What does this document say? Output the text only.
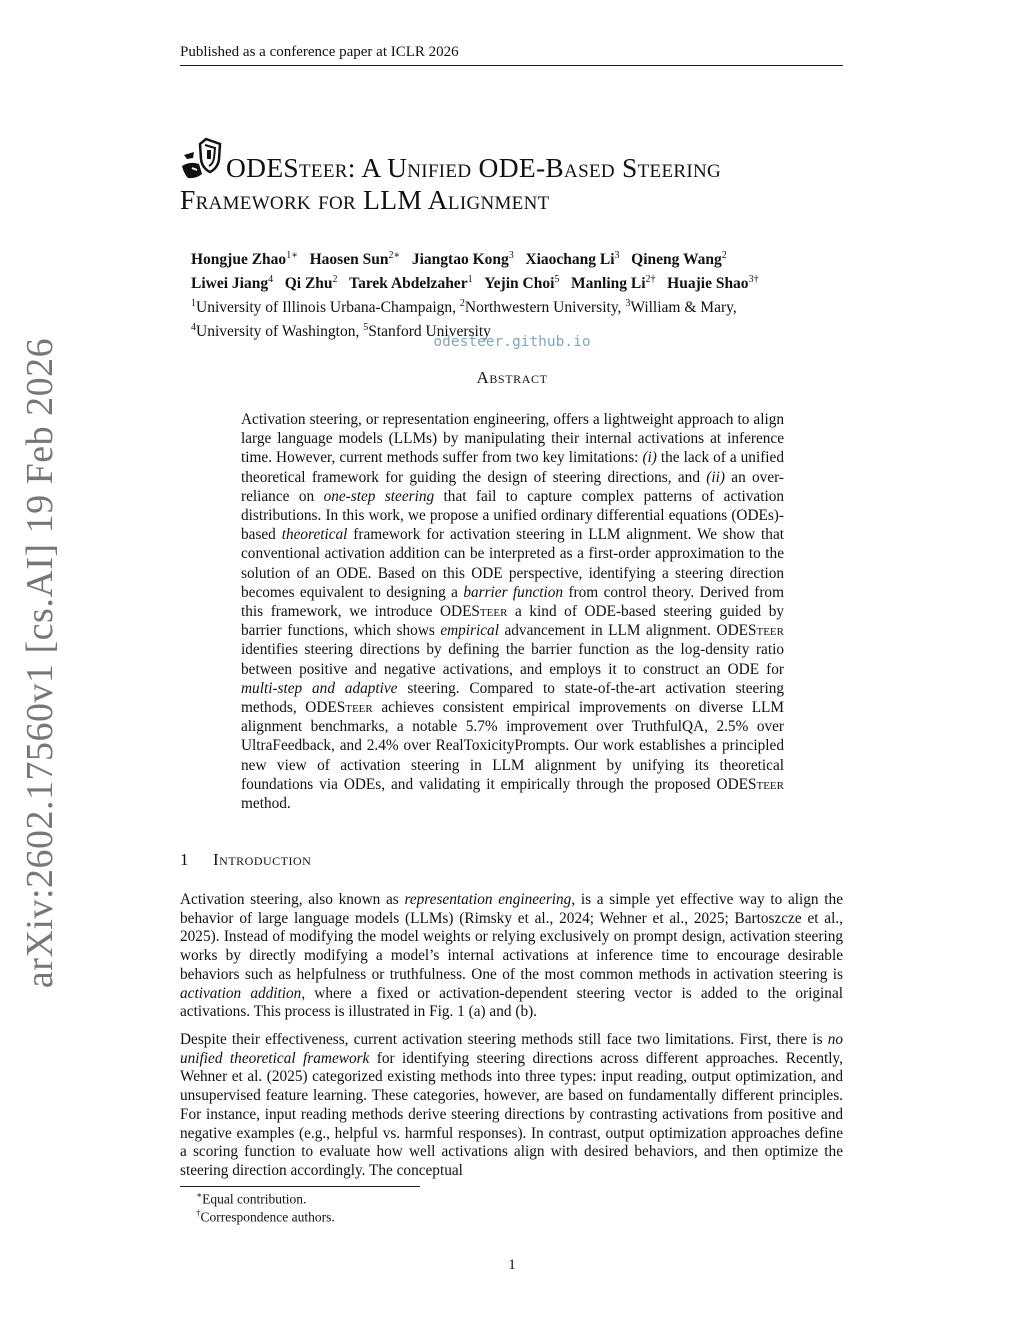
Published as a conference paper at ICLR 2026
arXiv:2602.17560v1 [cs.AI] 19 Feb 2026
ODESteer: A Unified ODE-Based Steering
Framework for LLM Alignment
Hongjue Zhao$^{1∗}$ Haosen Sun$^{2∗}$ Jiangtao Kong$^3$ Xiaochang Li$^3$ Qineng Wang$^2$
Liwei Jiang$^4$ Qi Zhu$^2$ Tarek Abdelzaher$^1$ Yejin Choi$^5$ Manling $Li^{2\dagger}$ Huajie Shao$^{3\dagger}$
$^1$University of Illinois Urbana-Champaign, $^2$Northwestern University, $^3$William & Mary,
$^4$University of Washington, $^5$Stanford University
odesteer.github.io
Abstract
Activation steering, or representation engineering, offers a lightweight approach to align large language models (LLMs) by manipulating their internal activations at inference time. However, current methods suffer from two key limitations: (i) the lack of a unified theoretical framework for guiding the design of steering directions, and (ii) an over-reliance on one-step steering that fail to capture complex patterns of activation distributions. In this work, we propose a unified ordinary differential equations (ODEs)-based theoretical framework for activation steering in LLM alignment. We show that conventional activation addition can be interpreted as a first-order approximation to the solution of an ODE. Based on this ODE perspective, identifying a steering direction becomes equivalent to designing a barrier function from control theory. Derived from this framework, we introduce ODESteer a kind of ODE-based steering guided by barrier functions, which shows empirical advancement in LLM alignment. ODESteer identifies steering directions by defining the barrier function as the log-density ratio between positive and negative activations, and employs it to construct an ODE for multi-step and adaptive steering. Compared to state-of-the-art activation steering methods, ODESteer achieves consistent empirical improvements on diverse LLM alignment benchmarks, a notable 5.7% improvement over TruthfulQA, 2.5% over UltraFeedback, and 2.4% over RealToxicityPrompts. Our work establishes a principled new view of activation steering in LLM alignment by unifying its theoretical foundations via ODEs, and validating it empirically through the proposed ODESteer method.
1 Introduction

Activation steering, also known as representation engineering, is a simple yet effective way to align the behavior of large language models (LLMs) (Rimsky et al., 2024; Wehner et al., 2025; Bartoszcze et al., 2025). Instead of modifying the model weights or relying exclusively on prompt design, activation steering works by directly modifying a model’s internal activations at inference time to encourage desirable behaviors such as helpfulness or truthfulness. One of the most common methods in activation steering is activation addition, where a fixed or activation-dependent steering vector is added to the original activations. This process is illustrated in Fig. 1 (a) and (b).

Despite their effectiveness, current activation steering methods still face two limitations. First, there is no unified theoretical framework for identifying steering directions across different approaches. Recently, Wehner et al. (2025) categorized existing methods into three types: input reading, output optimization, and unsupervised feature learning. These categories, however, are based on fundamentally different principles. For instance, input reading methods derive steering directions by contrasting activations from positive and negative examples (e.g., helpful vs. harmful responses). In contrast, output optimization approaches define a scoring function to evaluate how well activations align with desired behaviors, and then optimize the steering direction accordingly. The conceptual

∗Equal contribution.
†Correspondence authors.
1
